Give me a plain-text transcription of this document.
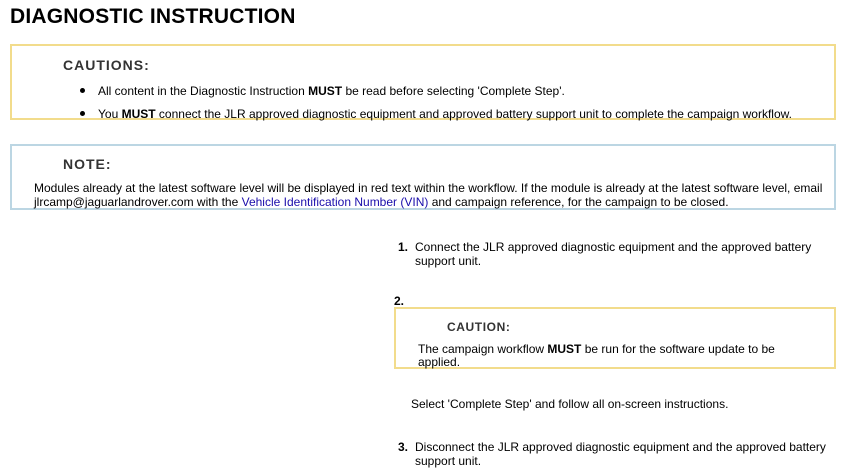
DIAGNOSTIC INSTRUCTION
CAUTIONS:
All content in the Diagnostic Instruction MUST be read before selecting 'Complete Step'.
You MUST connect the JLR approved diagnostic equipment and approved battery support unit to complete the campaign workflow.
NOTE:
Modules already at the latest software level will be displayed in red text within the workflow. If the module is already at the latest software level, email jlrcamp@jaguarlandrover.com with the Vehicle Identification Number (VIN) and campaign reference, for the campaign to be closed.
1. Connect the JLR approved diagnostic equipment and the approved battery support unit.
2.
3. Disconnect the JLR approved diagnostic equipment and the approved battery support unit.
CAUTION:
The campaign workflow MUST be run for the software update to be applied.
Select 'Complete Step' and follow all on-screen instructions.
